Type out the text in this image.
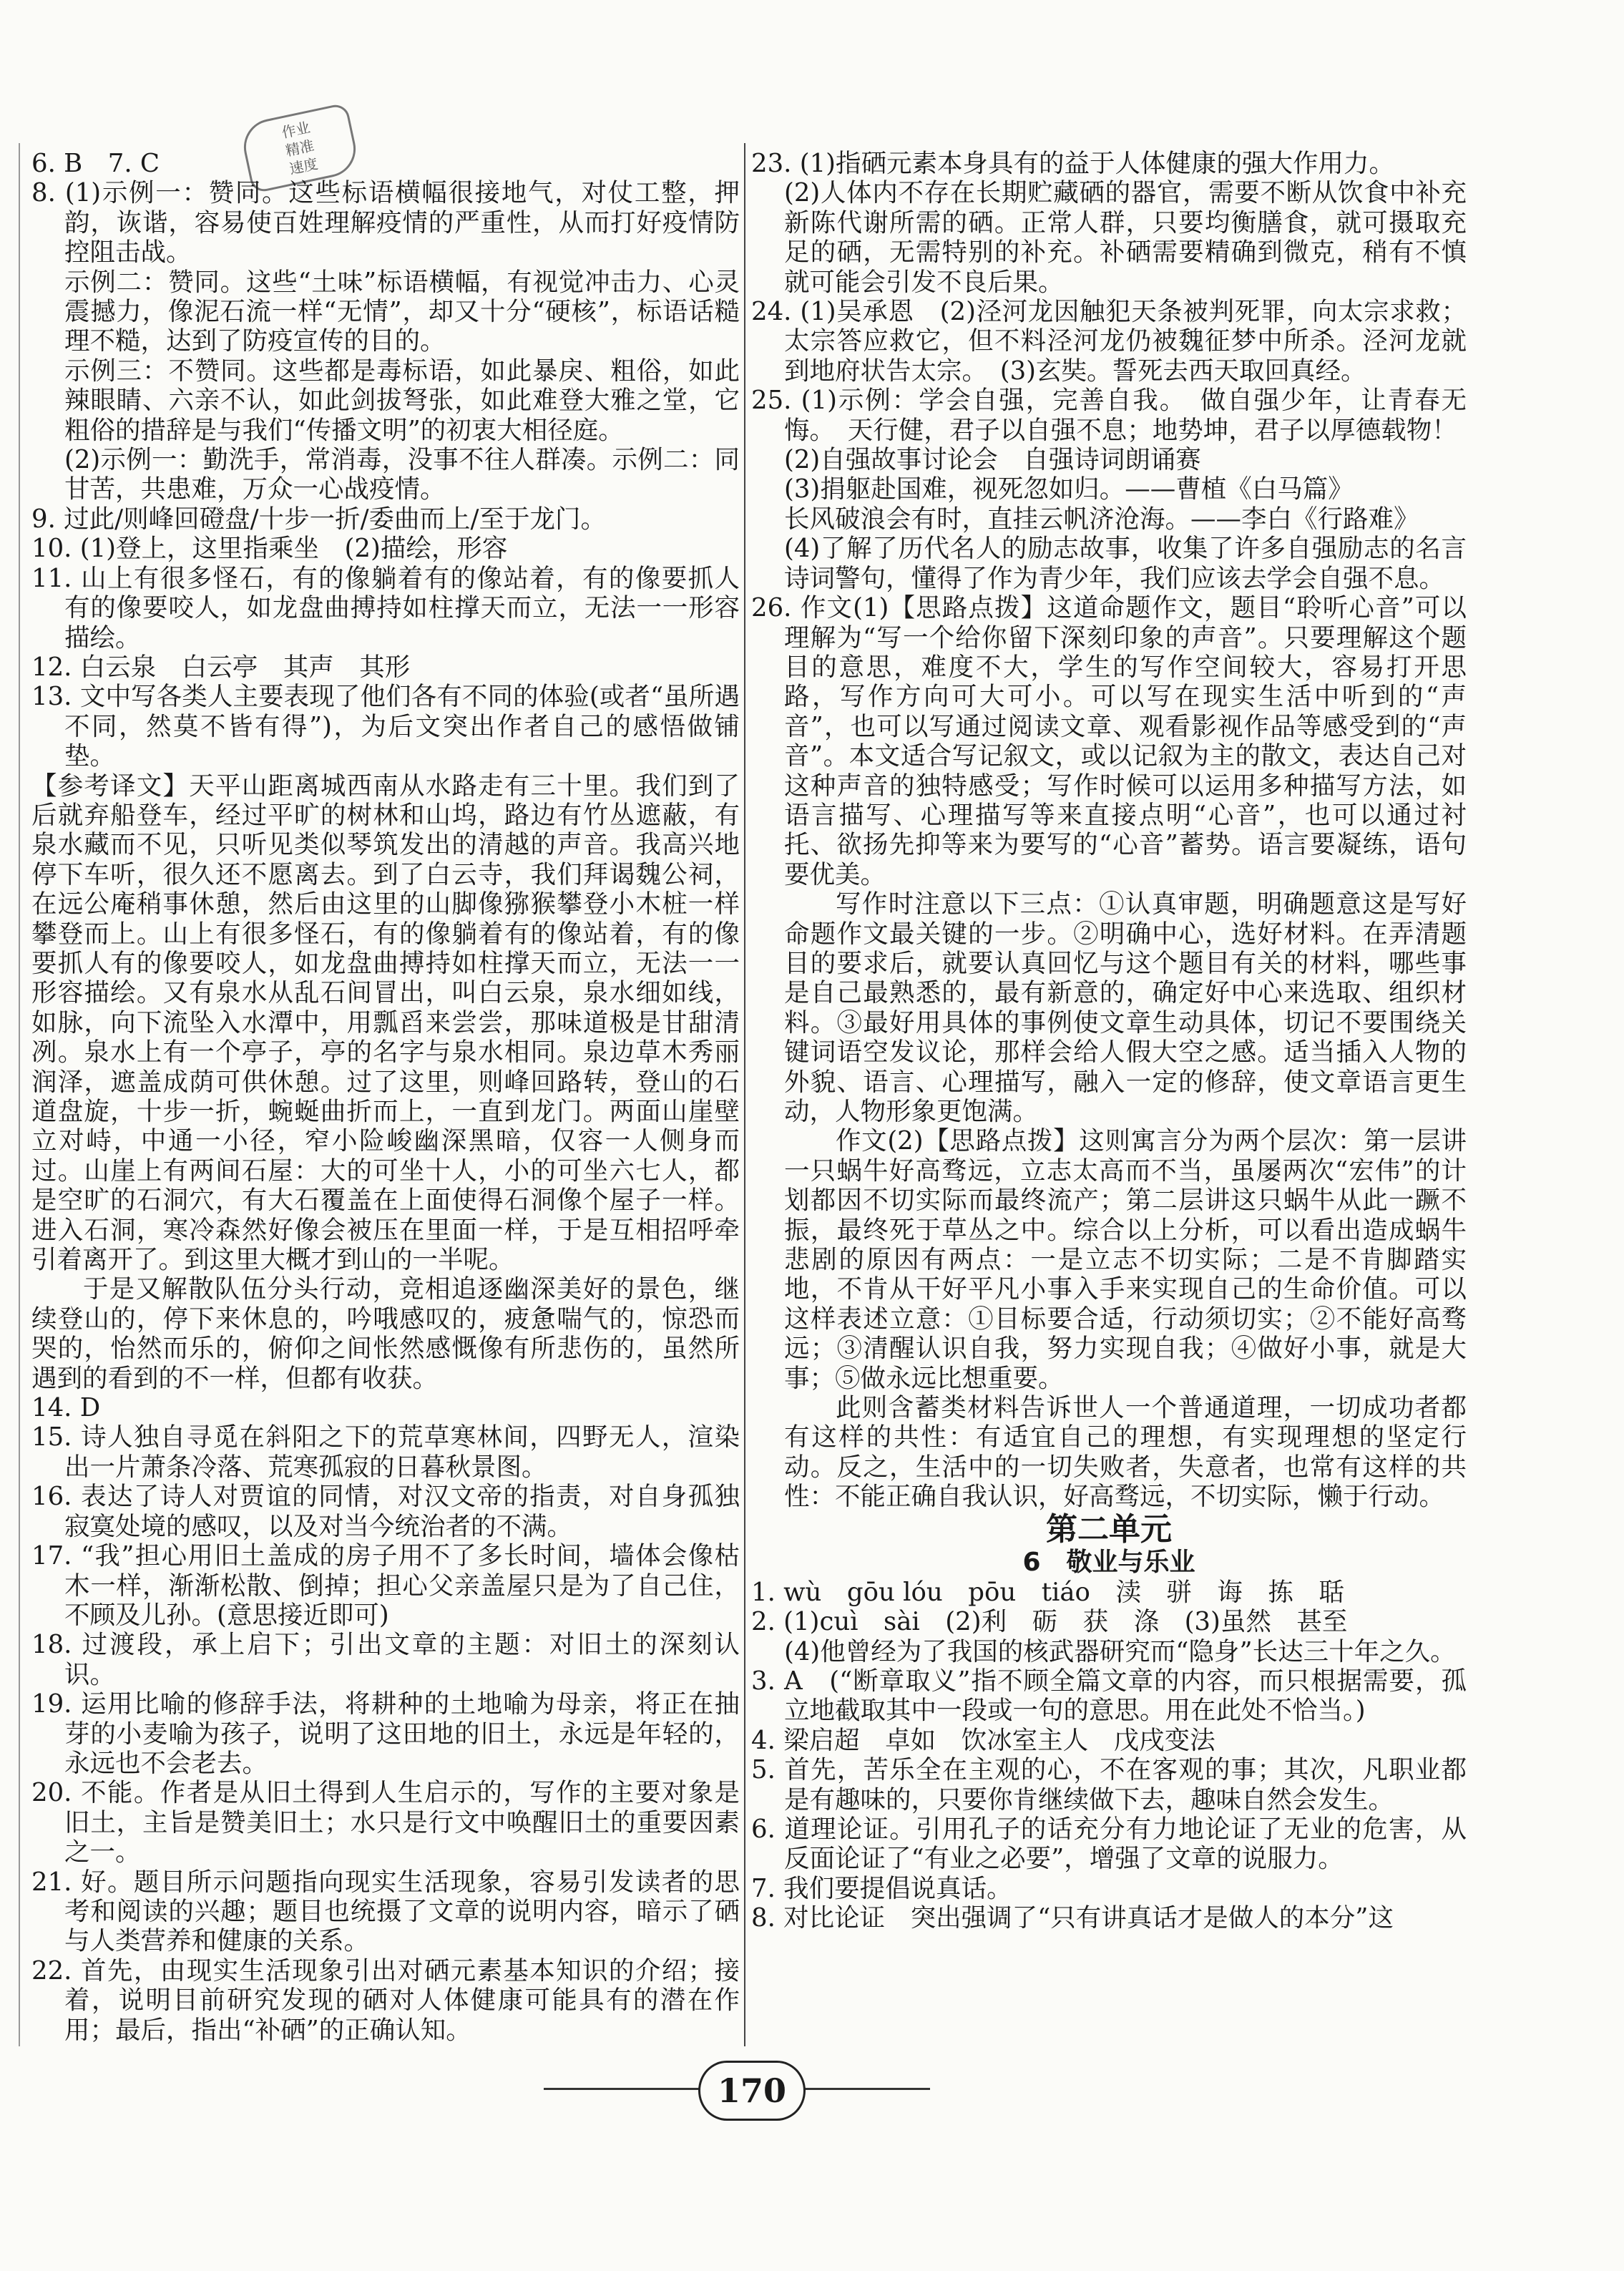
作业
精准
速度

6. B　7. C

8. (1)示例一：赞同。这些标语横幅很接地气，对仗工整，押韵，诙谐，容易使百姓理解疫情的严重性，从而打好疫情防控阻击战。

示例二：赞同。这些“土味”标语横幅，有视觉冲击力、心灵震撼力，像泥石流一样“无情”，却又十分“硬核”，标语话糙理不糙，达到了防疫宣传的目的。

示例三：不赞同。这些都是毒标语，如此暴戾、粗俗，如此辣眼睛、六亲不认，如此剑拔弩张，如此难登大雅之堂，它粗俗的措辞是与我们“传播文明”的初衷大相径庭。

(2)示例一：勤洗手，常消毒，没事不往人群凑。示例二：同甘苦，共患难，万众一心战疫情。

9. 过此/则峰回磴盘/十步一折/委曲而上/至于龙门。

10. (1)登上，这里指乘坐　(2)描绘，形容

11. 山上有很多怪石，有的像躺着有的像站着，有的像要抓人有的像要咬人，如龙盘曲搏持如柱撑天而立，无法一一形容描绘。

12. 白云泉　白云亭　其声　其形

13. 文中写各类人主要表现了他们各有不同的体验(或者“虽所遇不同，然莫不皆有得”)，为后文突出作者自己的感悟做铺垫。

【参考译文】天平山距离城西南从水路走有三十里。我们到了后就弃船登车，经过平旷的树林和山坞，路边有竹丛遮蔽，有泉水藏而不见，只听见类似琴筑发出的清越的声音。我高兴地停下车听，很久还不愿离去。到了白云寺，我们拜谒魏公祠，在远公庵稍事休憩，然后由这里的山脚像猕猴攀登小木桩一样攀登而上。山上有很多怪石，有的像躺着有的像站着，有的像要抓人有的像要咬人，如龙盘曲搏持如柱撑天而立，无法一一形容描绘。又有泉水从乱石间冒出，叫白云泉，泉水细如线，如脉，向下流坠入水潭中，用瓢舀来尝尝，那味道极是甘甜清冽。泉水上有一个亭子，亭的名字与泉水相同。泉边草木秀丽润泽，遮盖成荫可供休憩。过了这里，则峰回路转，登山的石道盘旋，十步一折，蜿蜒曲折而上，一直到龙门。两面山崖壁立对峙，中通一小径，窄小险峻幽深黑暗，仅容一人侧身而过。山崖上有两间石屋：大的可坐十人，小的可坐六七人，都是空旷的石洞穴，有大石覆盖在上面使得石洞像个屋子一样。进入石洞，寒冷森然好像会被压在里面一样，于是互相招呼牵引着离开了。到这里大概才到山的一半呢。

于是又解散队伍分头行动，竞相追逐幽深美好的景色，继续登山的，停下来休息的，吟哦感叹的，疲惫喘气的，惊恐而哭的，怡然而乐的，俯仰之间怅然感慨像有所悲伤的，虽然所遇到的看到的不一样，但都有收获。

14. D

15. 诗人独自寻觅在斜阳之下的荒草寒林间，四野无人，渲染出一片萧条冷落、荒寒孤寂的日暮秋景图。

16. 表达了诗人对贾谊的同情，对汉文帝的指责，对自身孤独寂寞处境的感叹，以及对当今统治者的不满。

17. “我”担心用旧土盖成的房子用不了多长时间，墙体会像枯木一样，渐渐松散、倒掉；担心父亲盖屋只是为了自己住，不顾及儿孙。(意思接近即可)

18. 过渡段，承上启下；引出文章的主题：对旧土的深刻认识。

19. 运用比喻的修辞手法，将耕种的土地喻为母亲，将正在抽芽的小麦喻为孩子，说明了这田地的旧土，永远是年轻的，永远也不会老去。

20. 不能。作者是从旧土得到人生启示的，写作的主要对象是旧土，主旨是赞美旧土；水只是行文中唤醒旧土的重要因素之一。

21. 好。题目所示问题指向现实生活现象，容易引发读者的思考和阅读的兴趣；题目也统摄了文章的说明内容，暗示了硒与人类营养和健康的关系。

22. 首先，由现实生活现象引出对硒元素基本知识的介绍；接着，说明目前研究发现的硒对人体健康可能具有的潜在作用；最后，指出“补硒”的正确认知。

23. (1)指硒元素本身具有的益于人体健康的强大作用力。

(2)人体内不存在长期贮藏硒的器官，需要不断从饮食中补充新陈代谢所需的硒。正常人群，只要均衡膳食，就可摄取充足的硒，无需特别的补充。补硒需要精确到微克，稍有不慎就可能会引发不良后果。

24. (1)吴承恩　(2)泾河龙因触犯天条被判死罪，向太宗求救；太宗答应救它，但不料泾河龙仍被魏征梦中所杀。泾河龙就到地府状告太宗。　(3)玄奘。誓死去西天取回真经。

25. (1)示例：学会自强，完善自我。　做自强少年，让青春无悔。　天行健，君子以自强不息；地势坤，君子以厚德载物！

(2)自强故事讨论会　自强诗词朗诵赛

(3)捐躯赴国难，视死忽如归。——曹植《白马篇》

长风破浪会有时，直挂云帆济沧海。——李白《行路难》

(4)了解了历代名人的励志故事，收集了许多自强励志的名言诗词警句，懂得了作为青少年，我们应该去学会自强不息。

26. 作文(1)【思路点拨】这道命题作文，题目“聆听心音”可以理解为“写一个给你留下深刻印象的声音”。只要理解这个题目的意思，难度不大，学生的写作空间较大，容易打开思路，写作方向可大可小。可以写在现实生活中听到的“声音”，也可以写通过阅读文章、观看影视作品等感受到的“声音”。本文适合写记叙文，或以记叙为主的散文，表达自己对这种声音的独特感受；写作时候可以运用多种描写方法，如语言描写、心理描写等来直接点明“心音”，也可以通过衬托、欲扬先抑等来为要写的“心音”蓄势。语言要凝练，语句要优美。

写作时注意以下三点：①认真审题，明确题意这是写好命题作文最关键的一步。②明确中心，选好材料。在弄清题目的要求后，就要认真回忆与这个题目有关的材料，哪些事是自己最熟悉的，最有新意的，确定好中心来选取、组织材料。③最好用具体的事例使文章生动具体，切记不要围绕关键词语空发议论，那样会给人假大空之感。适当插入人物的外貌、语言、心理描写，融入一定的修辞，使文章语言更生动，人物形象更饱满。

作文(2)【思路点拨】这则寓言分为两个层次：第一层讲一只蜗牛好高骛远，立志太高而不当，虽屡两次“宏伟”的计划都因不切实际而最终流产；第二层讲这只蜗牛从此一蹶不振，最终死于草丛之中。综合以上分析，可以看出造成蜗牛悲剧的原因有两点：一是立志不切实际；二是不肯脚踏实地，不肯从干好平凡小事入手来实现自己的生命价值。可以这样表述立意：①目标要合适，行动须切实；②不能好高骛远；③清醒认识自我，努力实现自我；④做好小事，就是大事；⑤做永远比想重要。

此则含蓄类材料告诉世人一个普通道理，一切成功者都有这样的共性：有适宜自己的理想，有实现理想的坚定行动。反之，生活中的一切失败者，失意者，也常有这样的共性：不能正确自我认识，好高骛远，不切实际，懒于行动。

第二单元
6　敬业与乐业

1. wù　gōu lóu　pōu　tiáo　渎　骈　诲　拣　聒

2. (1)cuì　sài　(2)利　砺　获　涤　(3)虽然　甚至

(4)他曾经为了我国的核武器研究而“隐身”长达三十年之久。

3. A　(“断章取义”指不顾全篇文章的内容，而只根据需要，孤立地截取其中一段或一句的意思。用在此处不恰当。)

4. 梁启超　卓如　饮冰室主人　戊戌变法

5. 首先，苦乐全在主观的心，不在客观的事；其次，凡职业都是有趣味的，只要你肯继续做下去，趣味自然会发生。

6. 道理论证。引用孔子的话充分有力地论证了无业的危害，从反面论证了“有业之必要”，增强了文章的说服力。

7. 我们要提倡说真话。

8. 对比论证　突出强调了“只有讲真话才是做人的本分”这

170
